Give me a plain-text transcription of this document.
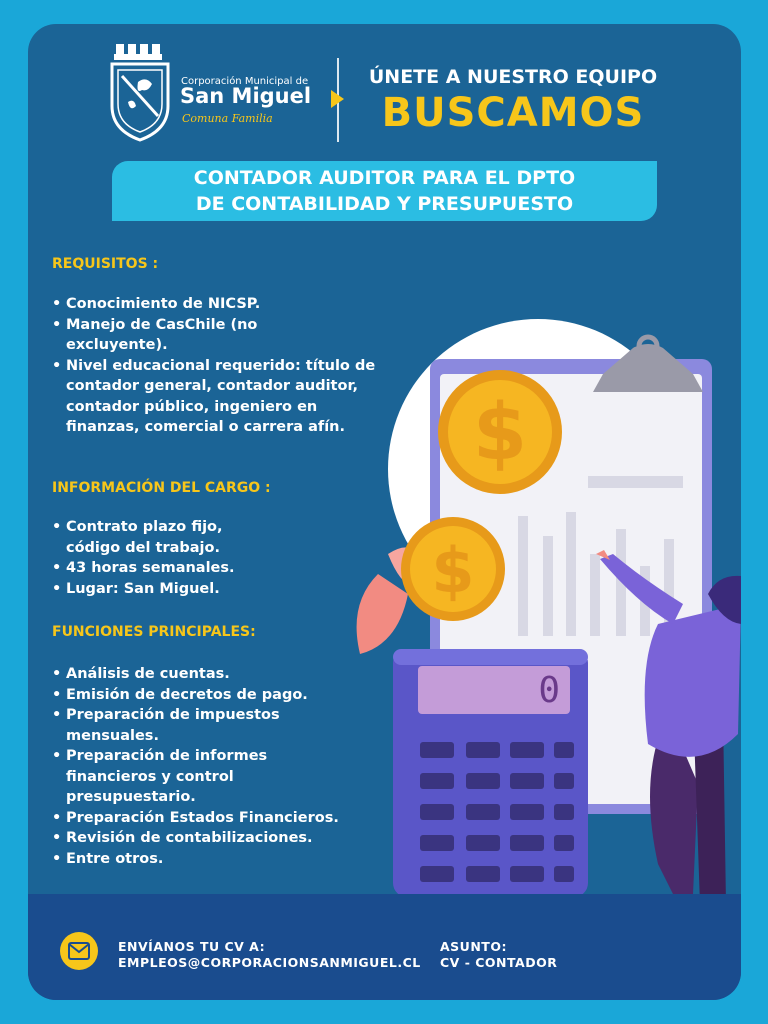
Corporación Municipal de
San Miguel
Comuna Familia
ÚNETE A NUESTRO EQUIPO
BUSCAMOS
CONTADOR AUDITOR PARA EL DPTO
DE CONTABILIDAD Y PRESUPUESTO
$
$
0
REQUISITOS :
• Conocimiento de NICSP.
• Manejo de CasChile (no excluyente).
• Nivel educacional requerido: título de contador general, contador auditor, contador público, ingeniero en finanzas, comercial o carrera afín.
INFORMACIÓN DEL CARGO :
• Contrato plazo fijo, código del trabajo.
• 43 horas semanales.
• Lugar: San Miguel.
FUNCIONES PRINCIPALES:
• Análisis de cuentas.
• Emisión de decretos de pago.
• Preparación de impuestos mensuales.
• Preparación de informes financieros y control presupuestario.
• Preparación Estados Financieros.
• Revisión de contabilizaciones.
• Entre otros.
ENVÍANOS TU CV A:
EMPLEOS@CORPORACIONSANMIGUEL.CL
ASUNTO:
CV - CONTADOR
